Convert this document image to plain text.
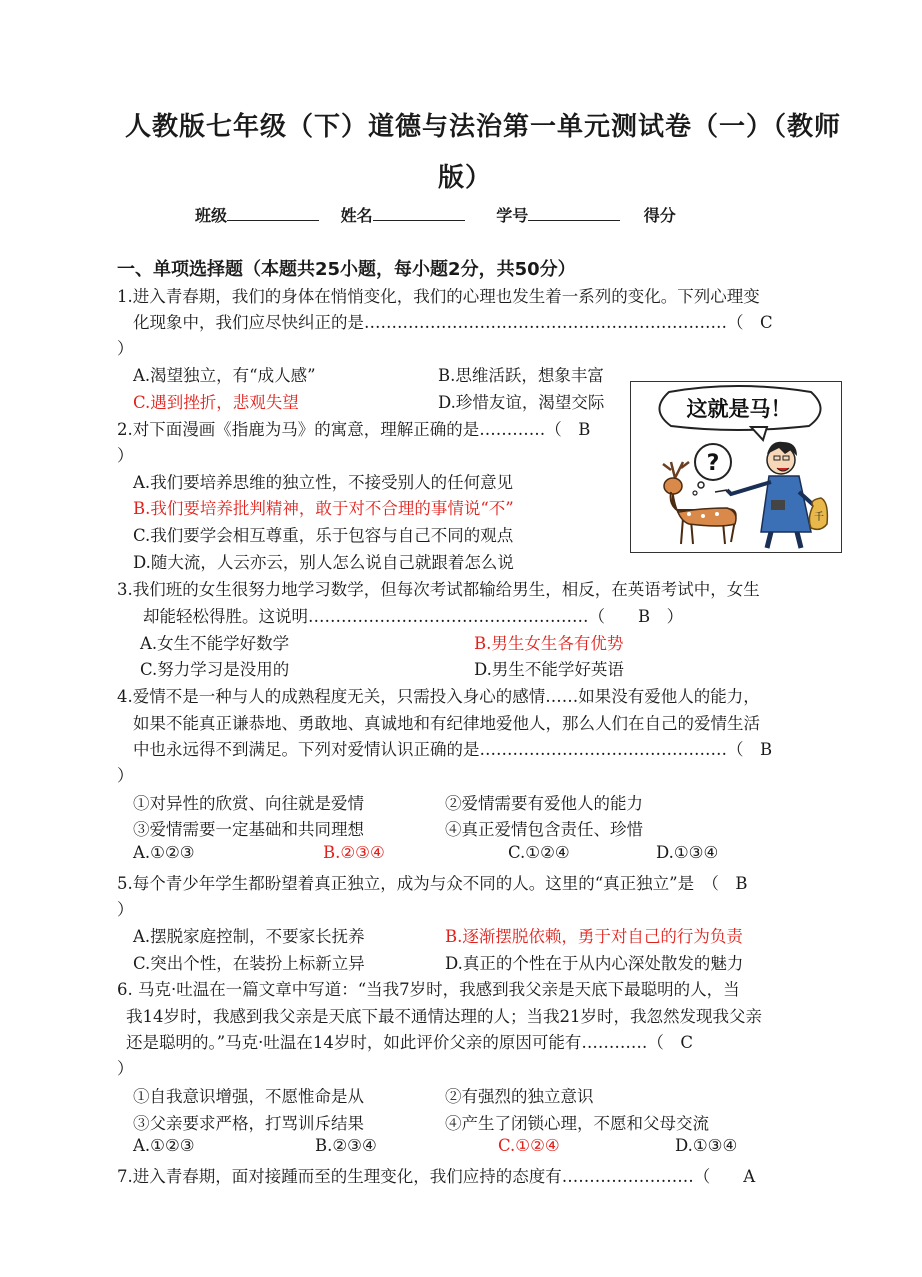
人教版七年级（下）道德与法治第一单元测试卷（一）（教师
版）
班级	姓名	学号	得分
一、单项选择题（本题共25小题，每小题2分，共50分）
1.进入青春期，我们的身体在悄悄变化，我们的心理也发生着一系列的变化。下列心理变
化现象中，我们应尽快纠正的是…………………………………………………………（　C
）
A.渴望独立，有“成人感”	B.思维活跃，想象丰富
C.遇到挫折，悲观失望	D.珍惜友谊，渴望交际	这就是马！
?
千
2.对下面漫画《指鹿为马》的寓意，理解正确的是…………（　B
）
A.我们要培养思维的独立性，不接受别人的任何意见
B.我们要培养批判精神，敢于对不合理的事情说“不”
C.我们要学会相互尊重，乐于包容与自己不同的观点
D.随大流，人云亦云，别人怎么说自己就跟着怎么说
3.我们班的女生很努力地学习数学，但每次考试都输给男生，相反，在英语考试中，女生
却能轻松得胜。这说明……………………………………………（　　B　）
A.女生不能学好数学	B.男生女生各有优势
C.努力学习是没用的	D.男生不能学好英语
4.爱情不是一种与人的成熟程度无关，只需投入身心的感情……如果没有爱他人的能力，
如果不能真正谦恭地、勇敢地、真诚地和有纪律地爱他人，那么人们在自己的爱情生活
中也永远得不到满足。下列对爱情认识正确的是………………………………………（　B
）
①对异性的欣赏、向往就是爱情	②爱情需要有爱他人的能力
③爱情需要一定基础和共同理想	④真正爱情包含责任、珍惜
A.①②③	B.②③④	C.①②④	D.①③④
5.每个青少年学生都盼望着真正独立，成为与众不同的人。这里的“真正独立”是　（　B
）
A.摆脱家庭控制，不要家长抚养	B.逐渐摆脱依赖，勇于对自己的行为负责
C.突出个性，在装扮上标新立异	D.真正的个性在于从内心深处散发的魅力
6. 马克·吐温在一篇文章中写道：“当我7岁时，我感到我父亲是天底下最聪明的人，当
我14岁时，我感到我父亲是天底下最不通情达理的人；当我21岁时，我忽然发现我父亲
还是聪明的。”马克·吐温在14岁时，如此评价父亲的原因可能有…………（　C
）
①自我意识增强，不愿惟命是从	②有强烈的独立意识
③父亲要求严格，打骂训斥结果	④产生了闭锁心理，不愿和父母交流
A.①②③	B.②③④	C.①②④	D.①③④
7.进入青春期，面对接踵而至的生理变化，我们应持的态度有……………………（　　A
